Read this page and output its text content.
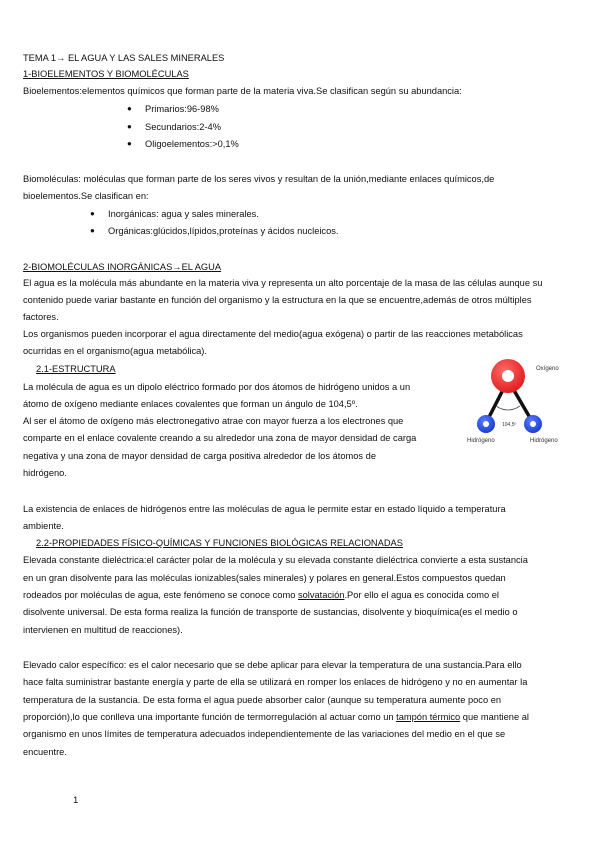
TEMA 1→ EL AGUA Y LAS SALES MINERALES
1-BIOELEMENTOS Y BIOMOLÉCULAS
Bioelementos:elementos químicos que forman parte de la materia viva.Se clasifican según su abundancia:
● Primarios:96-98%
● Secundarios:2-4%
● Oligoelementos:>0,1%
Biomoléculas: moléculas que forman parte de los seres vivos y resultan de la unión,mediante enlaces químicos,de
bioelementos.Se clasifican en:
● Inorgánicas: agua y sales minerales.
● Orgánicas:glúcidos,lípidos,proteínas y ácidos nucleicos.
2-BIOMOLÉCULAS INORGÁNICAS→EL AGUA
El agua es la molécula más abundante en la materia viva y representa un alto porcentaje de la masa de las células aunque su
contenido puede variar bastante en función del organismo y la estructura en la que se encuentre,además de otros múltiples
factores.
Los organismos pueden incorporar el agua directamente del medio(agua exógena) o partir de las reacciones metabólicas
ocurridas en el organismo(agua metabólica).
2.1-ESTRUCTURA
La molécula de agua es un dipolo eléctrico formado por dos átomos de hidrógeno unidos a un
átomo de oxígeno mediante enlaces covalentes que forman un ángulo de 104,5º.
Al ser el átomo de oxígeno más electronegativo atrae con mayor fuerza a los electrones que
comparte en el enlace covalente creando a su alrededor una zona de mayor densidad de carga
negativa y una zona de mayor densidad de carga positiva alrededor de los átomos de
hidrógeno.
Oxígeno
104,5º
Hidrógeno	Hidrógeno
La existencia de enlaces de hidrógenos entre las moléculas de agua le permite estar en estado líquido a temperatura
ambiente.
2.2-PROPIEDADES FÍSICO-QUÍMICAS Y FUNCIONES BIOLÓGICAS RELACIONADAS
Elevada constante dieléctrica:el carácter polar de la molécula y su elevada constante dieléctrica convierte a esta sustancia
en un gran disolvente para las moléculas ionizables(sales minerales) y polares en general.Estos compuestos quedan
rodeados por moléculas de agua, este fenómeno se conoce como solvatación.Por ello el agua es conocida como el
disolvente universal. De esta forma realiza la función de transporte de sustancias, disolvente y bioquímica(es el medio o
intervienen en multitud de reacciones).
Elevado calor específico: es el calor necesario que se debe aplicar para elevar la temperatura de una sustancia.Para ello
hace falta suministrar bastante energía y parte de ella se utilizará en romper los enlaces de hidrógeno y no en aumentar la
temperatura de la sustancia. De esta forma el agua puede absorber calor (aunque su temperatura aumente poco en
proporción),lo que conlleva una importante función de termorregulación al actuar como un tampón térmico que mantiene al
organismo en unos límites de temperatura adecuados independientemente de las variaciones del medio en el que se
encuentre.
1
